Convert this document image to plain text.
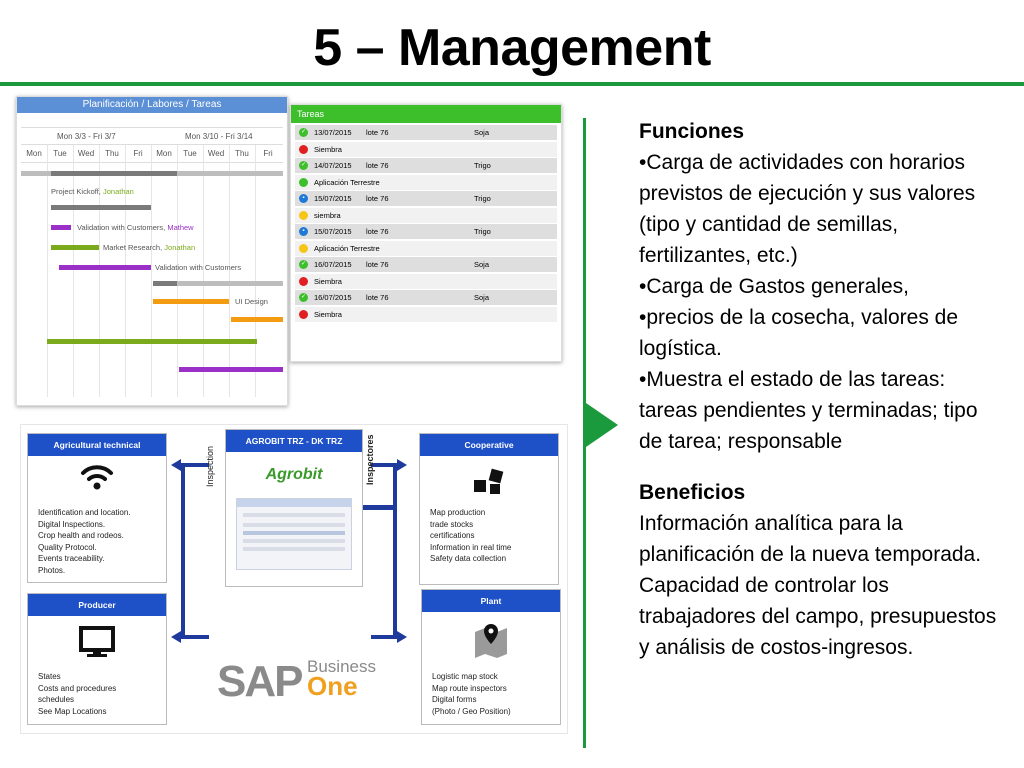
5 – Management
Planificación / Labores / Tareas
Mon 3/3 - Fri 3/7	Mon 3/10 - Fri 3/14
Mon	Tue	Wed	Thu	Fri	Mon	Tue	Wed	Thu	Fri
Project Kickoff, Jonathan
Validation with Customers, Mathew
Market Research, Jonathan
Validation with Customers
UI Design
Tareas
✓ 13/07/2015	lote 76	Soja
Siembra
✓ 14/07/2015	lote 76	Trigo
Aplicación Terrestre
▪	15/07/2015	lote 76	Trigo
siembra
▪	15/07/2015	lote 76	Trigo
Aplicación Terrestre
✓ 16/07/2015	lote 76	Soja
Siembra
✓ 16/07/2015	lote 76	Soja
Siembra
Agricultural technical
Identification and location.
Digital Inspections.
Crop health and rodeos.
Quality Protocol.
Events traceability.
Photos.
Inspection
AGROBIT TRZ - DK TRZ
Agrobit	Inspectores	Cooperative
Map production
trade stocks
certifications
Information in real time
Safety data collection
Producer
States
Costs and procedures
schedules
See Map Locations
SAP Business
One
Plant
Logistic map stock
Map route inspectors
Digital forms
(Photo / Geo Position)
Funciones
•Carga de actividades con horarios previstos de ejecución y sus valores (tipo y cantidad de semillas, fertilizantes, etc.)
•Carga de Gastos generales,
•precios de la cosecha, valores de logística.
•Muestra el estado de las tareas: tareas pendientes y terminadas; tipo de tarea; responsable
Beneficios
Información analítica para la planificación de la nueva temporada.
Capacidad de controlar los trabajadores del campo, presupuestos y análisis de costos-ingresos.
